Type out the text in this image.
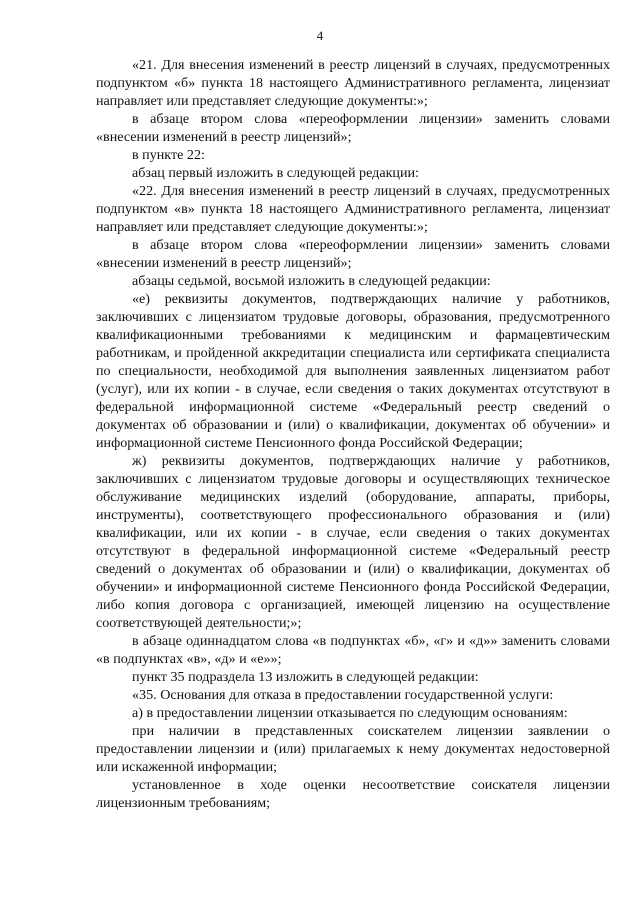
4

«21. Для внесения изменений в реестр лицензий в случаях, предусмотренных подпунктом «б» пункта 18 настоящего Административного регламента, лицензиат направляет или представляет следующие документы:»;

в абзаце втором слова «переоформлении лицензии» заменить словами «внесении изменений в реестр лицензий»;

в пункте 22:

абзац первый изложить в следующей редакции:

«22. Для внесения изменений в реестр лицензий в случаях, предусмотренных подпунктом «в» пункта 18 настоящего Административного регламента, лицензиат направляет или представляет следующие документы:»;

в абзаце втором слова «переоформлении лицензии» заменить словами «внесении изменений в реестр лицензий»;

абзацы седьмой, восьмой изложить в следующей редакции:

«е) реквизиты документов, подтверждающих наличие у работников, заключивших с лицензиатом трудовые договоры, образования, предусмотренного квалификационными требованиями к медицинским и фармацевтическим работникам, и пройденной аккредитации специалиста или сертификата специалиста по специальности, необходимой для выполнения заявленных лицензиатом работ (услуг), или их копии - в случае, если сведения о таких документах отсутствуют в федеральной информационной системе «Федеральный реестр сведений о документах об образовании и (или) о квалификации, документах об обучении» и информационной системе Пенсионного фонда Российской Федерации;

ж) реквизиты документов, подтверждающих наличие у работников, заключивших с лицензиатом трудовые договоры и осуществляющих техническое обслуживание медицинских изделий (оборудование, аппараты, приборы, инструменты), соответствующего профессионального образования и (или) квалификации, или их копии - в случае, если сведения о таких документах отсутствуют в федеральной информационной системе «Федеральный реестр сведений о документах об образовании и (или) о квалификации, документах об обучении» и информационной системе Пенсионного фонда Российской Федерации, либо копия договора с организацией, имеющей лицензию на осуществление соответствующей деятельности;»;

в абзаце одиннадцатом слова «в подпунктах «б», «г» и «д»» заменить словами «в подпунктах «в», «д» и «е»»;

пункт 35 подраздела 13 изложить в следующей редакции:

«35. Основания для отказа в предоставлении государственной услуги:

а) в предоставлении лицензии отказывается по следующим основаниям:

при наличии в представленных соискателем лицензии заявлении о предоставлении лицензии и (или) прилагаемых к нему документах недостоверной или искаженной информации;

установленное в ходе оценки несоответствие соискателя лицензии лицензионным требованиям;
